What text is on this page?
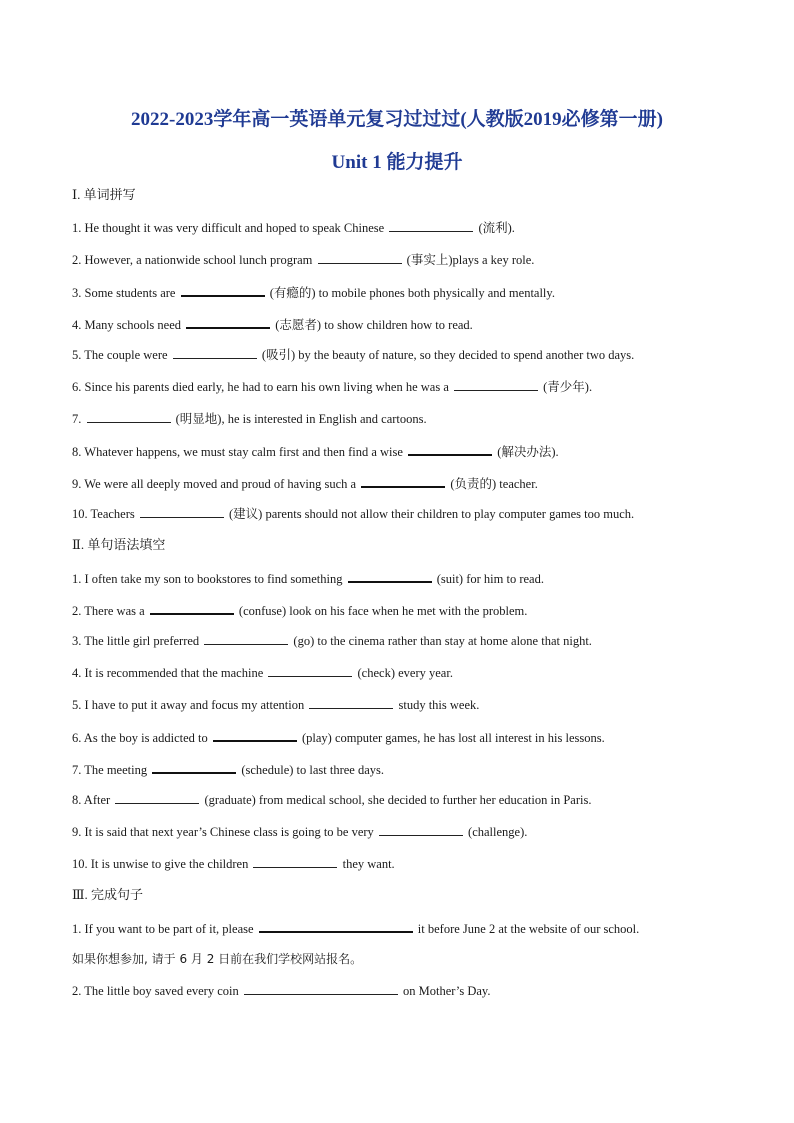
2022-2023学年高一英语单元复习过过过(人教版2019必修第一册)
Unit 1 能力提升
Ⅰ. 单词拼写
1. He thought it was very difficult and hoped to speak Chinese	(流利).
2. However, a nationwide school lunch program	(事实上)plays a key role.
3. Some students are	(有瘾的) to mobile phones both physically and mentally.
4. Many schools need	(志愿者) to show children how to read.
5. The couple were	(吸引) by the beauty of nature, so they decided to spend another two days.
6. Since his parents died early, he had to earn his own living when he was a	(青少年).
7.	(明显地), he is interested in English and cartoons.
8. Whatever happens, we must stay calm first and then find a wise	(解决办法).
9. We were all deeply moved and proud of having such a	(负责的) teacher.
10. Teachers	(建议) parents should not allow their children to play computer games too much.
Ⅱ. 单句语法填空
1. I often take my son to bookstores to find something	(suit) for him to read.
2. There was a	(confuse) look on his face when he met with the problem.
3. The little girl preferred	(go) to the cinema rather than stay at home alone that night.
4. It is recommended that the machine	(check) every year.
5. I have to put it away and focus my attention	study this week.
6. As the boy is addicted to	(play) computer games, he has lost all interest in his lessons.
7. The meeting	(schedule) to last three days.
8. After	(graduate) from medical school, she decided to further her education in Paris.
9. It is said that next year’s Chinese class is going to be very	(challenge).
10. It is unwise to give the children	they want.
Ⅲ. 完成句子
1. If you want to be part of it, please	it before June 2 at the website of our school.
如果你想参加, 请于 6 月 2 日前在我们学校网站报名。
2. The little boy saved every coin	on Mother’s Day.
